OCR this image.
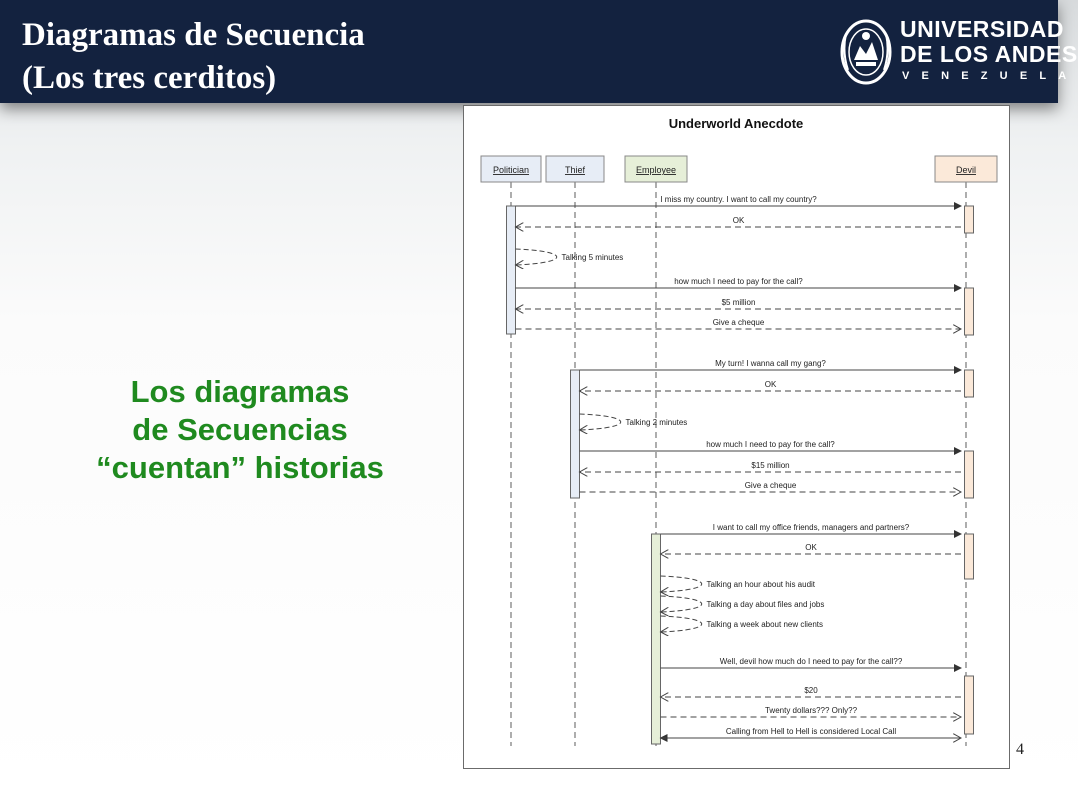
Diagramas de Secuencia
(Los tres cerditos)
UNIVERSIDAD
DE LOS ANDES
VENEZUELA
Los diagramas
de Secuencias
“cuentan” historias
Underworld Anecdote
I miss my country. I want to call my country?
OK
Talking 5 minutes
how much I need to pay for the call?
$5 million
Give a cheque
My turn! I wanna call my gang?
OK
Talking 2 minutes
how much I need to pay for the call?
$15 million
Give a cheque
I want to call my office friends, managers and partners?
OK
Talking an hour about his audit
Talking a day about files and jobs
Talking a week about new clients
Well, devil how much do I need to pay for the call??
$20
Twenty dollars??? Only??
Calling from Hell to Hell is considered Local Call
Politician	Thief	Employee	Devil
4
